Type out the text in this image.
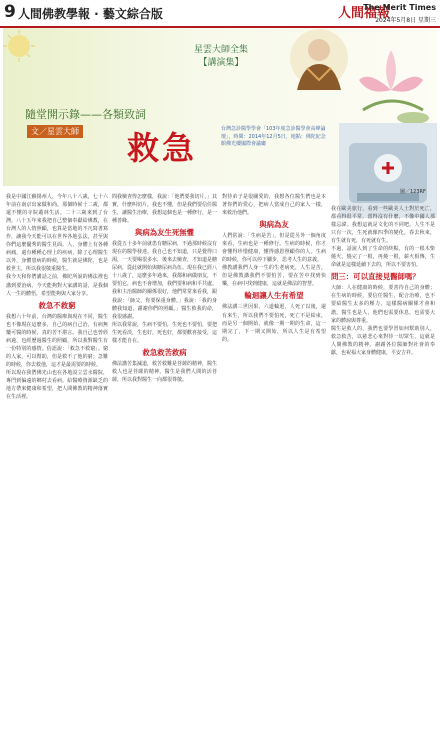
9 人間佛教學報 · 藝文綜合版	人間福報
The Merit Times
2024年5月8日 星期三
星雲大師全集
【講演集】
隨堂開示錄——各類致詞
文／星雲大師 救急	台灣急診醫學學會「103年度急診醫學會高峰論壇」，時間：2014年12月5日，地點：佛陀紀念館佛光樓國際會議廳
圖／123RF

我是中國江蘇揚州人，今年八十八歲，七十六年前在南京出家做和尚。那個時候十二歲，都還不懂的寺院叢林生活。二十三歲來到了台灣，八十五年來我把自己整個奉獻給佛教，在台灣人的人情照顧，也算是當地的不凡寫書寫作，讓我今天能可以在世界各地弘法，甚至與你們這麼優秀的醫生見面。人，身體上有各種病痛，還有種種心理上的疾病，除了心理醫生以外，身體患病的時候，醫生就是佛陀，也是救世主，所以我很敬重醫生。

我今天和你們講話之前，佛陀所說的佛法裡也講到要治病。今天能夠對大家講的話，是我個人一生的體悟，希望能夠與大家分享。

救急不救窮

我想六十年前，台灣的醫療與現在不同，醫生也不像現在這麼多，自己的病自己治，有病無藥可醫的時候，真的苦不堪言。我自己也曾經病過，也經歷過醫生的照顧，所以我對醫生有一份特別的感情。俗語說：「救急不救窮」。窮的人家，可以幫助，但是救不了他的窮；急難的時候，你去救他，這才是最需要的時候。

所以現在我們佛光山也在各地設立雲水醫院，專門到偏遠的鄉村去看病，給醫療資源缺乏的地方帶來健康和希望，把人間佛教的精神落實在生活裡。

問我檢查得怎麼樣，我說：「他們要我切片。」其實，什麼叫切片，我也不懂，但是我們要信任醫生，讓醫生治療，我想這個也是一種修行，是一種善緣。

與病為友生死無懼

我從五十多年前就患有糖尿病，不過那時候沒有現在的醫學發達。我自己也不知道，只是覺得口渴，一天要喝很多水，後來去檢查，才知道是糖尿病，從此就開始與糖尿病為伍。現在我已經八十八歲了，這麼多年過來，我都和病做朋友，不要怕它，病也不會增加，我們要和病和平共處。

我和主治醫師的關係很好，他們常常來看我，跟我說：「師父，你要保重身體。」我說：「我的身體我知道，謝謝你們的照顧。」醫生救我的命，我很感謝。

所以我常說，生病不要怕，生死也不要怕，要把生死看淡，生也好，死也好，都要歡喜接受，這樣才能自在。

救急救苦救病

佛法講苦集滅道，救苦救難是菩薩的精神，醫生救人也是菩薩的精神。醫生是我們人間的活菩薩，所以我對醫生一向都很尊敬。

對待弟子是很關愛的，我想各位醫生們也是本著你們的愛心，把病人當成自己的家人一樣，來救治他們。

與病為友

人們常說：「生病是苦」，但是從另外一個角度來看，生病也是一種修行。生病的時候，你才會懂得珍惜健康，懂得感恩照顧你的人。生病的時候，你可以停下腳步，思考人生的意義。

佛教講我們人身一生的生老病死，人生是苦，但是佛教講我們不要怕苦，要在苦中找到快樂，在病中找到健康，這就是佛法的智慧。

輪迴讓人生有希望

佛法講三世因果、六道輪迴，人死了以後，還有來生，所以我們不要怕死，死亡不是結束，而是另一個開始，就像一期一期的生命，這一期完了，下一期又開始，所以人生是有希望的。

我在歐美旅行，看到一些歐美人士對於死亡，都看得很平常，當得沒有什麼，不像中國人那樣忌諱。我想這就是文化的不同吧。人生不是只有一次，生死就像四季的變化，春去秋來，有生就有死，有死就有生。

不過，話說人到了生命的終點，有的一根木柴燒火，燒完了一根，再燒一根，薪火相傳，生命就是這樣延續下去的，所以不要害怕。

問三：可以直接見醫師嗎？

大師：人在健康的時候，要善待自己的身體；在生病的時候，要信任醫生，配合治療，也不要給醫生太多的壓力，這樣醫病關係才會和諧。醫生也是人，他們也需要休息，也需要大家的體諒與尊重。

醫生是救人的，我們也要學習如何幫助別人，救急救苦，以慈悲心來對待一切眾生，這就是人間佛教的精神。謝謝各位醫師對社會的奉獻，也祝福大家身體健康，平安吉祥。
